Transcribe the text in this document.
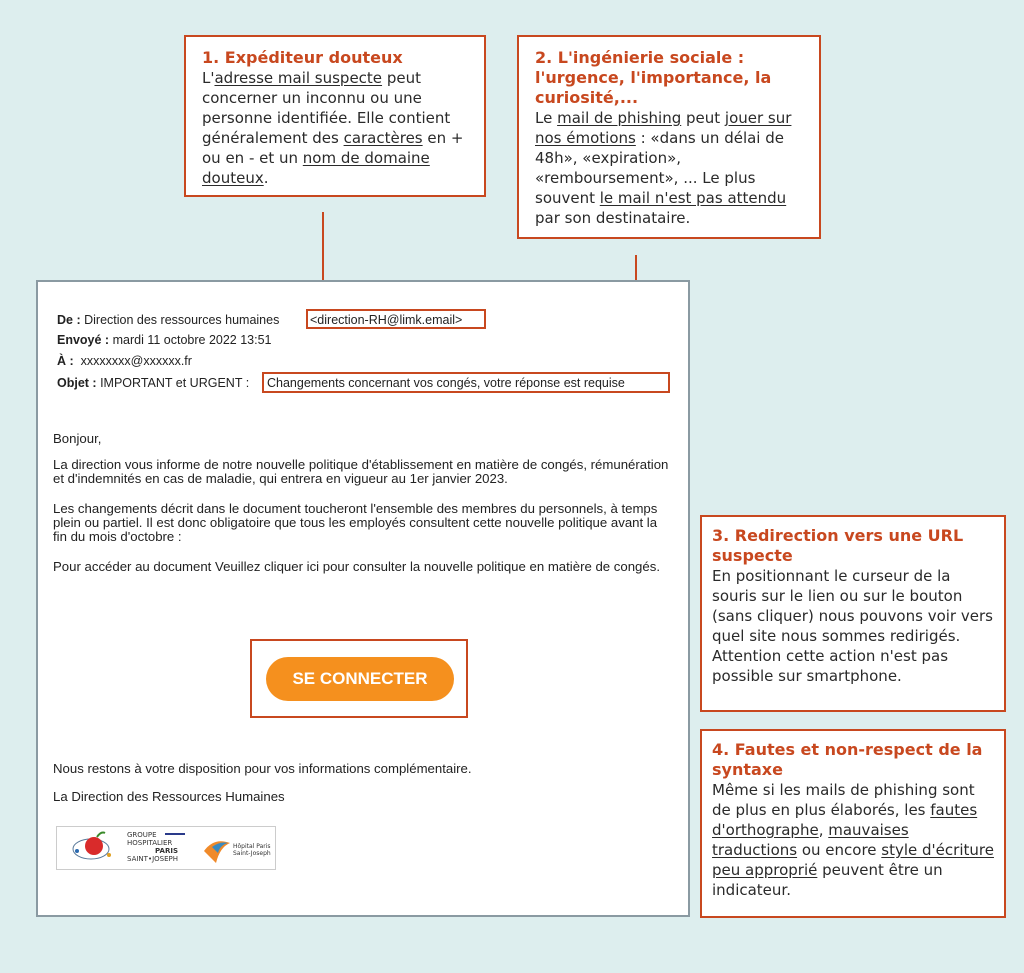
1. Expéditeur douteux
L'adresse mail suspecte peut concerner un inconnu ou une personne identifiée. Elle contient généralement des caractères en + ou en - et un nom de domaine douteux.
2. L'ingénierie sociale : l'urgence, l'importance, la curiosité,...
Le mail de phishing peut jouer sur nos émotions : «dans un délai de 48h», «expiration», «remboursement», ... Le plus souvent le mail n'est pas attendu par son destinataire.
3. Redirection vers une URL suspecte
En positionnant le curseur de la souris sur le lien ou sur le bouton (sans cliquer) nous pouvons voir vers quel site nous sommes redirigés. Attention cette action n'est pas possible sur smartphone.
4. Fautes et non-respect de la syntaxe
Même si les mails de phishing sont de plus en plus élaborés, les fautes d'orthographe, mauvaises traductions ou encore style d'écriture peu approprié peuvent être un indicateur.
De : Direction des ressources humaines <direction-RH@limk.email>
Envoyé : mardi 11 octobre 2022 13:51
À : xxxxxxxx@xxxxxx.fr
Objet : IMPORTANT et URGENT : Changements concernant vos congés, votre réponse est requise
Bonjour,
La direction vous informe de notre nouvelle politique d'établissement en matière de congés, rémunération et d'indemnités en cas de maladie, qui entrera en vigueur au 1er janvier 2023.
Les changements décrit dans le document toucheront l'ensemble des membres du personnels, à temps plein ou partiel. Il est donc obligatoire que tous les employés consultent cette nouvelle politique avant la fin du mois d'octobre :
Pour accéder au document Veuillez cliquer ici pour consulter la nouvelle politique en matière de congés.
SE CONNECTER
Nous restons à votre disposition pour vos informations complémentaire.
La Direction des Ressources Humaines
GROUPE
HOSPITALIER
PARIS
SAINT•JOSEPH
Hôpital Paris
Saint-Joseph
